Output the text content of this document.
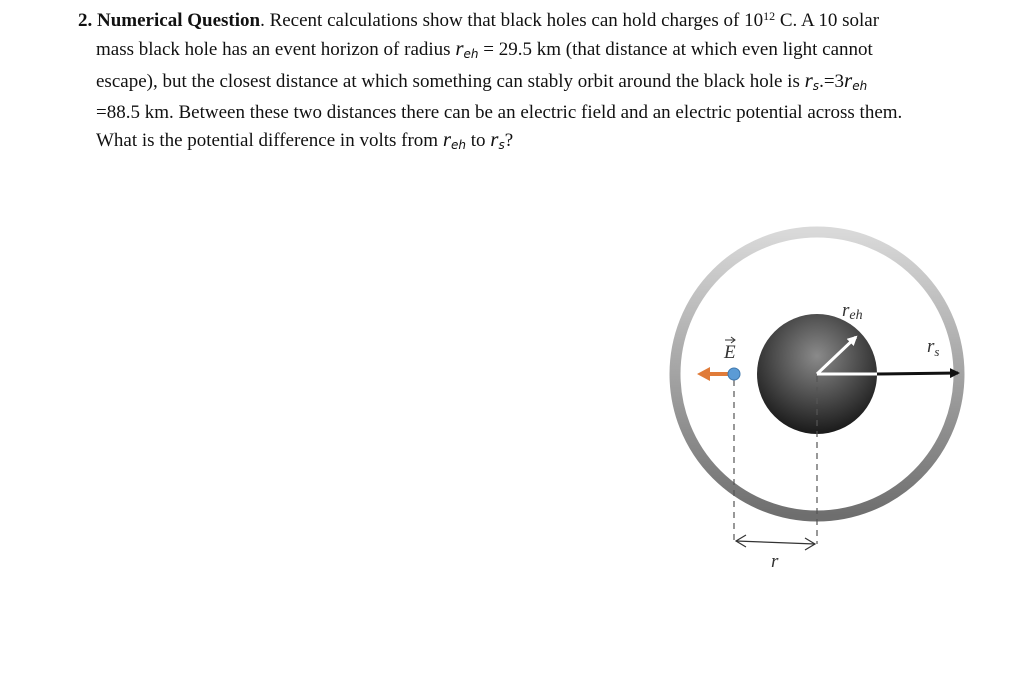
2. Numerical Question. Recent calculations show that black holes can hold charges of $10^{12}$ C. A 10 solar
mass black hole has an event horizon of radius $r_{eh} = 29.5$ km (that distance at which even light cannot
escape), but the closest distance at which something can stably orbit around the black hole is $r_s.=3r_{eh}$
=88.5 km. Between these two distances there can be an electric field and an electric potential across them.
What is the potential difference in volts from $r_{eh}$ to $r_s$?
reh
$r_s$
E
r
